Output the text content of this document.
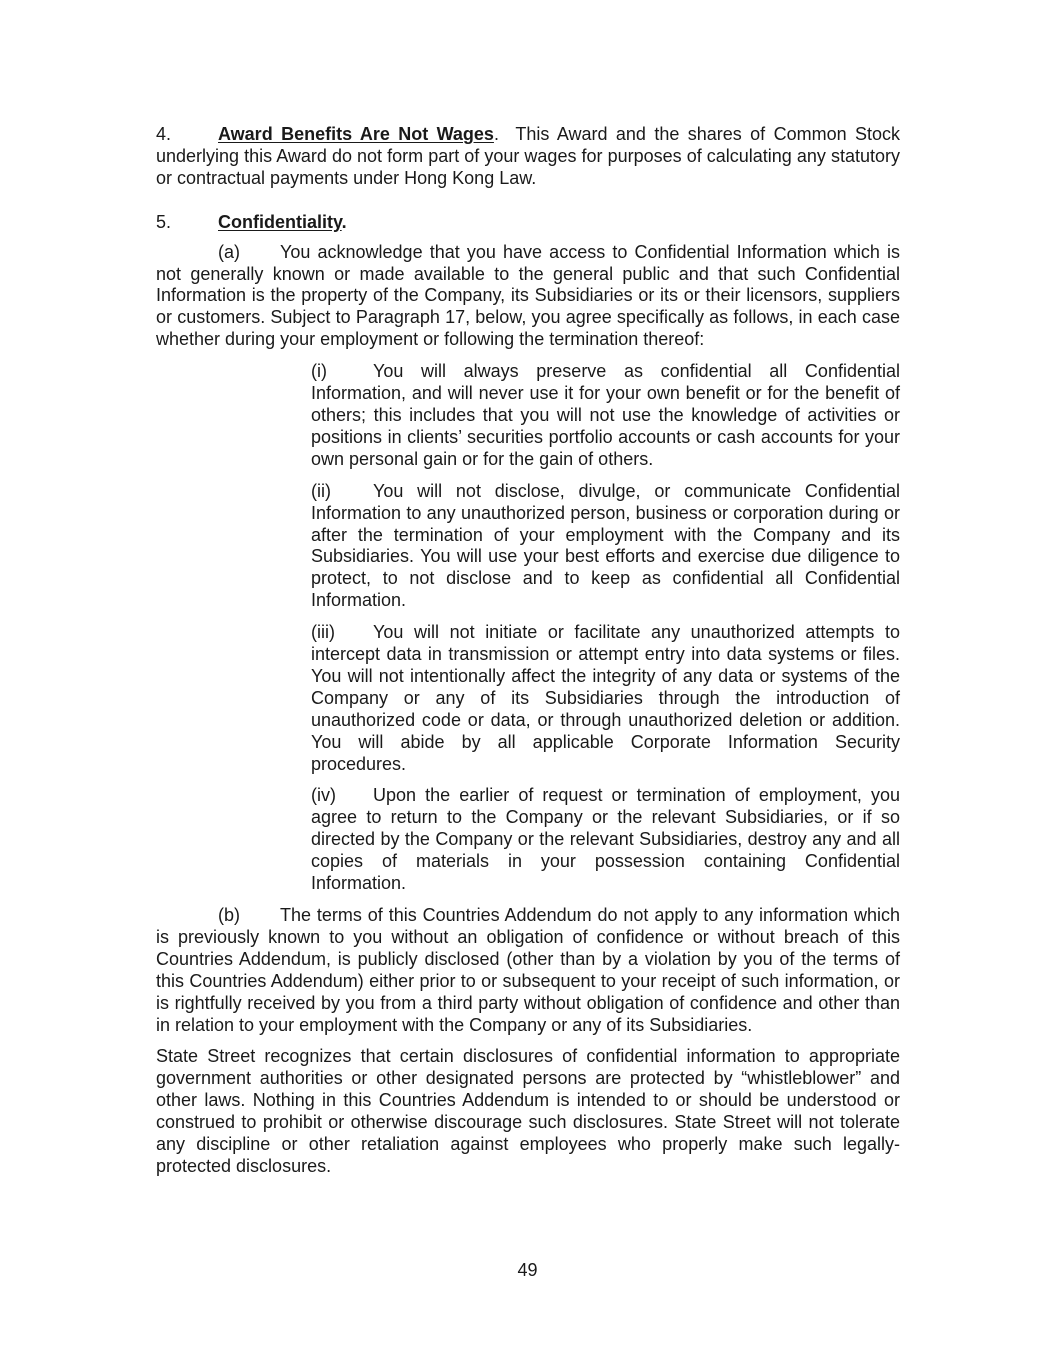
4.	Award Benefits Are Not Wages.  This Award and the shares of Common Stock underlying this Award do not form part of your wages for purposes of calculating any statutory or contractual payments under Hong Kong Law.

5.	Confidentiality.

(a) You acknowledge that you have access to Confidential Information which is not generally known or made available to the general public and that such Confidential Information is the property of the Company, its Subsidiaries or its or their licensors, suppliers or customers. Subject to Paragraph 17, below, you agree specifically as follows, in each case whether during your employment or following the termination thereof:

(i)	You will always preserve as confidential all Confidential Information, and will never use it for your own benefit or for the benefit of others; this includes that you will not use the knowledge of activities or positions in clients’ securities portfolio accounts or cash accounts for your own personal gain or for the gain of others.

(ii) You will not disclose, divulge, or communicate Confidential Information to any unauthorized person, business or corporation during or after the termination of your employment with the Company and its Subsidiaries. You will use your best efforts and exercise due diligence to protect, to not disclose and to keep as confidential all Confidential Information.

(iii) You will not initiate or facilitate any unauthorized attempts to intercept data in transmission or attempt entry into data systems or files. You will not intentionally affect the integrity of any data or systems of the Company or any of its Subsidiaries through the introduction of unauthorized code or data, or through unauthorized deletion or addition. You will abide by all applicable Corporate Information Security procedures.

(iv) Upon the earlier of request or termination of employment, you agree to return to the Company or the relevant Subsidiaries, or if so directed by the Company or the relevant Subsidiaries, destroy any and all copies of materials in your possession containing Confidential Information.

(b) The terms of this Countries Addendum do not apply to any information which is previously known to you without an obligation of confidence or without breach of this Countries Addendum, is publicly disclosed (other than by a violation by you of the terms of this Countries Addendum) either prior to or subsequent to your receipt of such information, or is rightfully received by you from a third party without obligation of confidence and other than in relation to your employment with the Company or any of its Subsidiaries.

State Street recognizes that certain disclosures of confidential information to appropriate government authorities or other designated persons are protected by “whistleblower” and other laws. Nothing in this Countries Addendum is intended to or should be understood or construed to prohibit or otherwise discourage such disclosures. State Street will not tolerate any discipline or other retaliation against employees who properly make such legally-protected disclosures.

49
